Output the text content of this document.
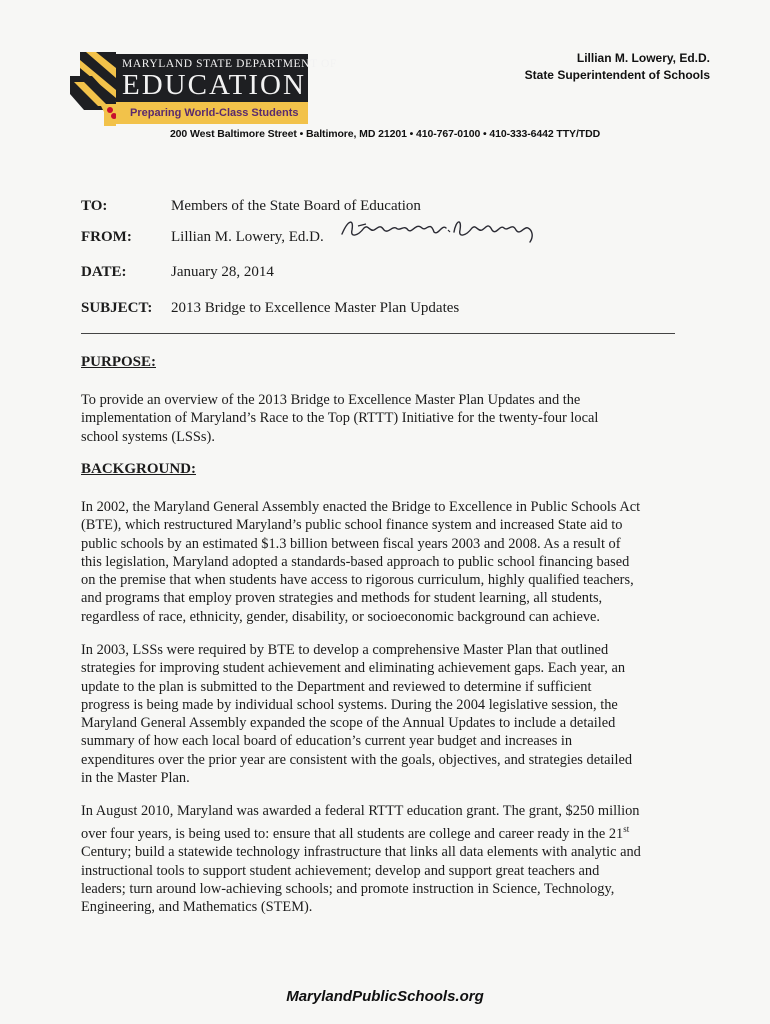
MARYLAND STATE DEPARTMENT OF
EDUCATION
Preparing World-Class Students
Lillian M. Lowery, Ed.D.
State Superintendent of Schools
200 West Baltimore Street • Baltimore, MD 21201 • 410-767-0100 • 410-333-6442 TTY/TDD
TO:	Members of the State Board of Education
FROM:	Lillian M. Lowery, Ed.D.
DATE:	January 28, 2014
SUBJECT: 2013 Bridge to Excellence Master Plan Updates
PURPOSE:
To provide an overview of the 2013 Bridge to Excellence Master Plan Updates and the
implementation of Maryland’s Race to the Top (RTTT) Initiative for the twenty-four local
school systems (LSSs).
BACKGROUND:
In 2002, the Maryland General Assembly enacted the Bridge to Excellence in Public Schools Act
(BTE), which restructured Maryland’s public school finance system and increased State aid to
public schools by an estimated $1.3 billion between fiscal years 2003 and 2008. As a result of
this legislation, Maryland adopted a standards-based approach to public school financing based
on the premise that when students have access to rigorous curriculum, highly qualified teachers,
and programs that employ proven strategies and methods for student learning, all students,
regardless of race, ethnicity, gender, disability, or socioeconomic background can achieve.
In 2003, LSSs were required by BTE to develop a comprehensive Master Plan that outlined
strategies for improving student achievement and eliminating achievement gaps. Each year, an
update to the plan is submitted to the Department and reviewed to determine if sufficient
progress is being made by individual school systems. During the 2004 legislative session, the
Maryland General Assembly expanded the scope of the Annual Updates to include a detailed
summary of how each local board of education’s current year budget and increases in
expenditures over the prior year are consistent with the goals, objectives, and strategies detailed
in the Master Plan.
In August 2010, Maryland was awarded a federal RTTT education grant. The grant, $250 million
over four years, is being used to: ensure that all students are college and career ready in the 21st
Century; build a statewide technology infrastructure that links all data elements with analytic and
instructional tools to support student achievement; develop and support great teachers and
leaders; turn around low-achieving schools; and promote instruction in Science, Technology,
Engineering, and Mathematics (STEM).
MarylandPublicSchools.org
